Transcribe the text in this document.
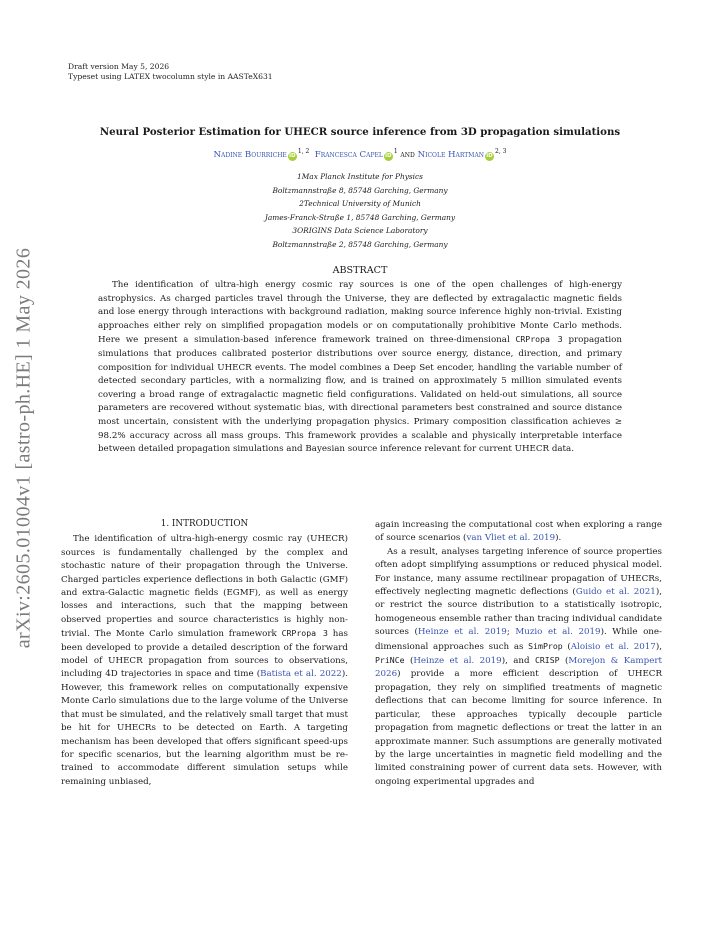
arXiv:2605.01004v1 [astro-ph.HE] 1 May 2026
Draft version May 5, 2026
Typeset using LATEX twocolumn style in AASTeX631
Neural Posterior Estimation for UHECR source inference from 3D propagation simulations
Nadine Bourriche iD$^{1, 2}$ Francesca Capel $iD^1$ and Nicole Hartman iD$^{2, 3}$
1Max Planck Institute for Physics
Boltzmannstraße 8, 85748 Garching, Germany
2Technical University of Munich
James-Franck-Straße 1, 85748 Garching, Germany
3ORIGINS Data Science Laboratory
Boltzmannstraße 2, 85748 Garching, Germany
ABSTRACT
The identification of ultra-high energy cosmic ray sources is one of the open challenges of high-energy astrophysics. As charged particles travel through the Universe, they are deflected by extragalactic magnetic fields and lose energy through interactions with background radiation, making source inference highly non-trivial. Existing approaches either rely on simplified propagation models or on computationally prohibitive Monte Carlo methods. Here we present a simulation-based inference framework trained on three-dimensional CRPropa 3 propagation simulations that produces calibrated posterior distributions over source energy, distance, direction, and primary composition for individual UHECR events. The model combines a Deep Set encoder, handling the variable number of detected secondary particles, with a normalizing flow, and is trained on approximately 5 million simulated events covering a broad range of extragalactic magnetic field configurations. Validated on held-out simulations, all source parameters are recovered without systematic bias, with directional parameters best constrained and source distance most uncertain, consistent with the underlying propagation physics. Primary composition classification achieves ≥ 98.2% accuracy across all mass groups. This framework provides a scalable and physically interpretable interface between detailed propagation simulations and Bayesian source inference relevant for current UHECR data.
1. INTRODUCTION

The identification of ultra-high-energy cosmic ray (UHECR) sources is fundamentally challenged by the complex and stochastic nature of their propagation through the Universe. Charged particles experience deflections in both Galactic (GMF) and extra-Galactic magnetic fields (EGMF), as well as energy losses and interactions, such that the mapping between observed properties and source characteristics is highly non-trivial. The Monte Carlo simulation framework CRPropa 3 has been developed to provide a detailed description of the forward model of UHECR propagation from sources to observations, including 4D trajectories in space and time (Batista et al. 2022). However, this framework relies on computationally expensive Monte Carlo simulations due to the large volume of the Universe that must be simulated, and the relatively small target that must be hit for UHECRs to be detected on Earth. A targeting mechanism has been developed that offers significant speed-ups for specific scenarios, but the learning algorithm must be re-trained to accommodate different simulation setups while remaining unbiased,

again increasing the computational cost when exploring a range of source scenarios (van Vliet et al. 2019).

As a result, analyses targeting inference of source properties often adopt simplifying assumptions or reduced physical model. For instance, many assume rectilinear propagation of UHECRs, effectively neglecting magnetic deflections (Guido et al. 2021), or restrict the source distribution to a statistically isotropic, homogeneous ensemble rather than tracing individual candidate sources (Heinze et al. 2019; Muzio et al. 2019). While one-dimensional approaches such as SimProp (Aloisio et al. 2017), PriNCe (Heinze et al. 2019), and CRISP (Morejon & Kampert 2026) provide a more efficient description of UHECR propagation, they rely on simplified treatments of magnetic deflections that can become limiting for source inference. In particular, these approaches typically decouple particle propagation from magnetic deflections or treat the latter in an approximate manner. Such assumptions are generally motivated by the large uncertainties in magnetic field modelling and the limited constraining power of current data sets. However, with ongoing experimental upgrades and
